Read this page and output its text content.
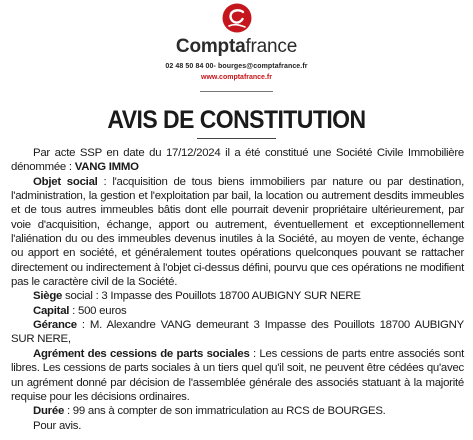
Comptafrance
02 48 50 84 00- bourges@comptafrance.fr
www.comptafrance.fr
AVIS DE CONSTITUTION

Par acte SSP en date du 17/12/2024 il a été constitué une Société Civile Immobilière dénommée : VANG IMMO

Objet social : l'acquisition de tous biens immobiliers par nature ou par destination, l'administration, la gestion et l'exploitation par bail, la location ou autrement desdits immeubles et de tous autres immeubles bâtis dont elle pourrait devenir propriétaire ultérieurement, par voie d'acquisition, échange, apport ou autrement, éventuellement et exceptionnellement l'aliénation du ou des immeubles devenus inutiles à la Société, au moyen de vente, échange ou apport en société, et généralement toutes opérations quelconques pouvant se rattacher directement ou indirectement à l'objet ci-dessus défini, pourvu que ces opérations ne modifient pas le caractère civil de la Société.

Siège social : 3 Impasse des Pouillots 18700 AUBIGNY SUR NERE

Capital : 500 euros

Gérance : M. Alexandre VANG demeurant 3 Impasse des Pouillots 18700 AUBIGNY SUR NERE,

Agrément des cessions de parts sociales : Les cessions de parts entre associés sont libres. Les cessions de parts sociales à un tiers quel qu'il soit, ne peuvent être cédées qu'avec un agrément donné par décision de l'assemblée générale des associés statuant à la majorité requise pour les décisions ordinaires.

Durée : 99 ans à compter de son immatriculation au RCS de BOURGES.

Pour avis.
